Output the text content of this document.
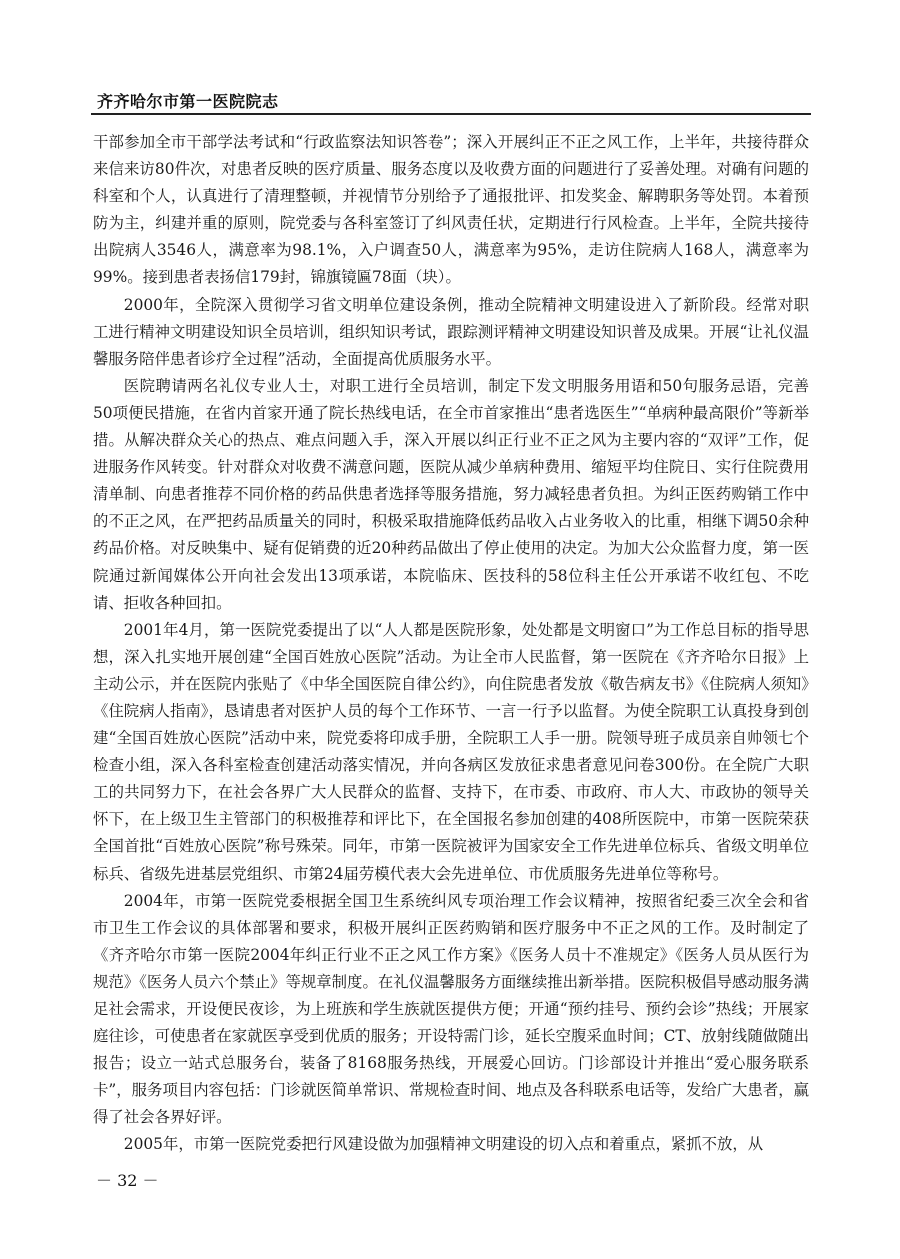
齐齐哈尔市第一医院院志

干部参加全市干部学法考试和“行政监察法知识答卷”；深入开展纠正不正之风工作，上半年，共接待群众来信来访80件次，对患者反映的医疗质量、服务态度以及收费方面的问题进行了妥善处理。对确有问题的科室和个人，认真进行了清理整顿，并视情节分别给予了通报批评、扣发奖金、解聘职务等处罚。本着预防为主，纠建并重的原则，院党委与各科室签订了纠风责任状，定期进行行风检查。上半年，全院共接待出院病人3546人，满意率为98.1%，入户调查50人，满意率为95%，走访住院病人168人，满意率为99%。接到患者表扬信179封，锦旗镜匾78面（块）。

2000年，全院深入贯彻学习省文明单位建设条例，推动全院精神文明建设进入了新阶段。经常对职工进行精神文明建设知识全员培训，组织知识考试，跟踪测评精神文明建设知识普及成果。开展“让礼仪温馨服务陪伴患者诊疗全过程”活动，全面提高优质服务水平。

医院聘请两名礼仪专业人士，对职工进行全员培训，制定下发文明服务用语和50句服务忌语，完善50项便民措施，在省内首家开通了院长热线电话，在全市首家推出“患者选医生”“单病种最高限价”等新举措。从解决群众关心的热点、难点问题入手，深入开展以纠正行业不正之风为主要内容的“双评”工作，促进服务作风转变。针对群众对收费不满意问题，医院从减少单病种费用、缩短平均住院日、实行住院费用清单制、向患者推荐不同价格的药品供患者选择等服务措施，努力减轻患者负担。为纠正医药购销工作中的不正之风，在严把药品质量关的同时，积极采取措施降低药品收入占业务收入的比重，相继下调50余种药品价格。对反映集中、疑有促销费的近20种药品做出了停止使用的决定。为加大公众监督力度，第一医院通过新闻媒体公开向社会发出13项承诺，本院临床、医技科的58位科主任公开承诺不收红包、不吃请、拒收各种回扣。

2001年4月，第一医院党委提出了以“人人都是医院形象，处处都是文明窗口”为工作总目标的指导思想，深入扎实地开展创建“全国百姓放心医院”活动。为让全市人民监督，第一医院在《齐齐哈尔日报》上主动公示，并在医院内张贴了《中华全国医院自律公约》，向住院患者发放《敬告病友书》《住院病人须知》《住院病人指南》，恳请患者对医护人员的每个工作环节、一言一行予以监督。为使全院职工认真投身到创建“全国百姓放心医院”活动中来，院党委将印成手册，全院职工人手一册。院领导班子成员亲自帅领七个检查小组，深入各科室检查创建活动落实情况，并向各病区发放征求患者意见问卷300份。在全院广大职工的共同努力下，在社会各界广大人民群众的监督、支持下，在市委、市政府、市人大、市政协的领导关怀下，在上级卫生主管部门的积极推荐和评比下，在全国报名参加创建的408所医院中，市第一医院荣获全国首批“百姓放心医院”称号殊荣。同年，市第一医院被评为国家安全工作先进单位标兵、省级文明单位标兵、省级先进基层党组织、市第24届劳模代表大会先进单位、市优质服务先进单位等称号。

2004年，市第一医院党委根据全国卫生系统纠风专项治理工作会议精神，按照省纪委三次全会和省市卫生工作会议的具体部署和要求，积极开展纠正医药购销和医疗服务中不正之风的工作。及时制定了《齐齐哈尔市第一医院2004年纠正行业不正之风工作方案》《医务人员十不准规定》《医务人员从医行为规范》《医务人员六个禁止》等规章制度。在礼仪温馨服务方面继续推出新举措。医院积极倡导感动服务满足社会需求，开设便民夜诊，为上班族和学生族就医提供方便；开通“预约挂号、预约会诊”热线；开展家庭往诊，可使患者在家就医享受到优质的服务；开设特需门诊，延长空腹采血时间；CT、放射线随做随出报告；设立一站式总服务台，装备了8168服务热线，开展爱心回访。门诊部设计并推出“爱心服务联系卡”，服务项目内容包括：门诊就医简单常识、常规检查时间、地点及各科联系电话等，发给广大患者，赢得了社会各界好评。

2005年，市第一医院党委把行风建设做为加强精神文明建设的切入点和着重点，紧抓不放，从

－ 32 －
